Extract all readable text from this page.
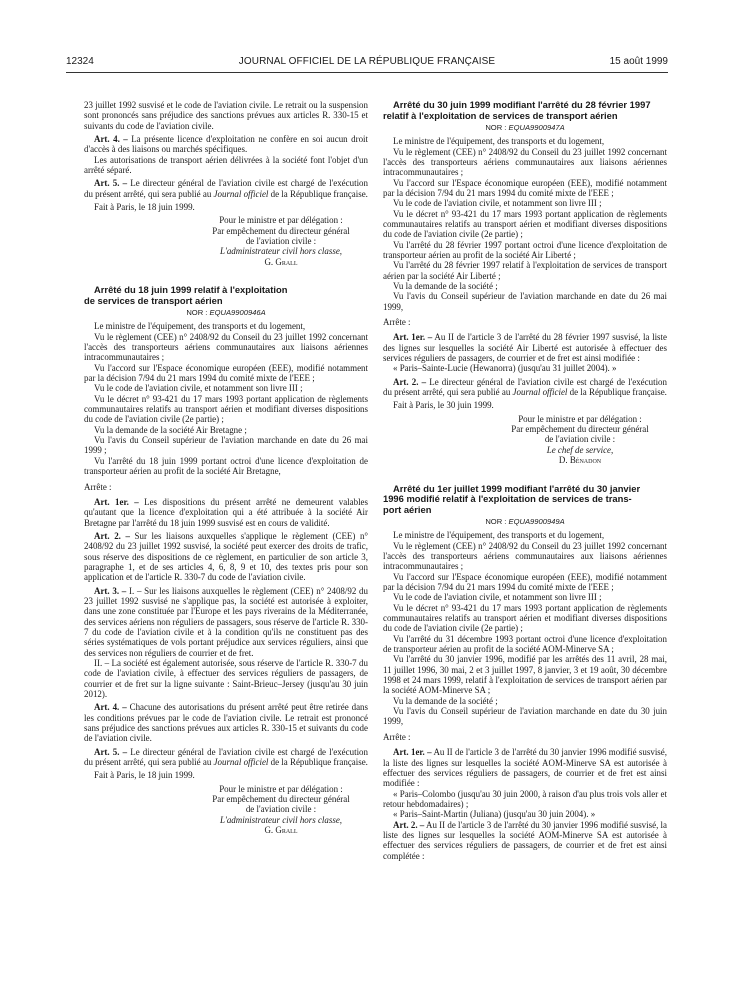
12324	JOURNAL OFFICIEL DE LA RÉPUBLIQUE FRANÇAISE	15 août 1999

23 juillet 1992 susvisé et le code de l'aviation civile. Le retrait ou la suspension sont prononcés sans préjudice des sanctions prévues aux articles R. 330-15 et suivants du code de l'aviation civile.

Art. 4. – La présente licence d'exploitation ne confère en soi aucun droit d'accès à des liaisons ou marchés spécifiques.

Les autorisations de transport aérien délivrées à la société font l'objet d'un arrêté séparé.

Art. 5. – Le directeur général de l'aviation civile est chargé de l'exécution du présent arrêté, qui sera publié au Journal officiel de la République française.

Fait à Paris, le 18 juin 1999.

Pour le ministre et par délégation :
Par empêchement du directeur général
de l'aviation civile :
L'administrateur civil hors classe,
G. Grall

Arrêté du 18 juin 1999 relatif à l'exploitation
de services de transport aérien

NOR : EQUA9900946A

Le ministre de l'équipement, des transports et du logement,

Vu le règlement (CEE) n° 2408/92 du Conseil du 23 juillet 1992 concernant l'accès des transporteurs aériens communautaires aux liaisons aériennes intracommunautaires ;

Vu l'accord sur l'Espace économique européen (EEE), modifié notamment par la décision 7/94 du 21 mars 1994 du comité mixte de l'EEE ;

Vu le code de l'aviation civile, et notamment son livre III ;

Vu le décret n° 93-421 du 17 mars 1993 portant application de règlements communautaires relatifs au transport aérien et modifiant diverses dispositions du code de l'aviation civile (2e partie) ;

Vu la demande de la société Air Bretagne ;

Vu l'avis du Conseil supérieur de l'aviation marchande en date du 26 mai 1999 ;

Vu l'arrêté du 18 juin 1999 portant octroi d'une licence d'exploitation de transporteur aérien au profit de la société Air Bretagne,

Arrête :

Art. 1er. – Les dispositions du présent arrêté ne demeurent valables qu'autant que la licence d'exploitation qui a été attribuée à la société Air Bretagne par l'arrêté du 18 juin 1999 susvisé est en cours de validité.

Art. 2. – Sur les liaisons auxquelles s'applique le règlement (CEE) n° 2408/92 du 23 juillet 1992 susvisé, la société peut exercer des droits de trafic, sous réserve des dispositions de ce règlement, en particulier de son article 3, paragraphe 1, et de ses articles 4, 6, 8, 9 et 10, des textes pris pour son application et de l'article R. 330-7 du code de l'aviation civile.

Art. 3. – I. – Sur les liaisons auxquelles le règlement (CEE) n° 2408/92 du 23 juillet 1992 susvisé ne s'applique pas, la société est autorisée à exploiter, dans une zone constituée par l'Europe et les pays riverains de la Méditerranée, des services aériens non réguliers de passagers, sous réserve de l'article R. 330-7 du code de l'aviation civile et à la condition qu'ils ne constituent pas des séries systématiques de vols portant préjudice aux services réguliers, ainsi que des services non réguliers de courrier et de fret.

II. – La société est également autorisée, sous réserve de l'article R. 330-7 du code de l'aviation civile, à effectuer des services réguliers de passagers, de courrier et de fret sur la ligne suivante : Saint-Brieuc–Jersey (jusqu'au 30 juin 2012).

Art. 4. – Chacune des autorisations du présent arrêté peut être retirée dans les conditions prévues par le code de l'aviation civile. Le retrait est prononcé sans préjudice des sanctions prévues aux articles R. 330-15 et suivants du code de l'aviation civile.

Art. 5. – Le directeur général de l'aviation civile est chargé de l'exécution du présent arrêté, qui sera publié au Journal officiel de la République française.

Fait à Paris, le 18 juin 1999.

Pour le ministre et par délégation :
Par empêchement du directeur général
de l'aviation civile :
L'administrateur civil hors classe,
G. Grall

Arrêté du 30 juin 1999 modifiant l'arrêté du 28 février 1997
relatif à l'exploitation de services de transport aérien

NOR : EQUA9900947A

Le ministre de l'équipement, des transports et du logement,

Vu le règlement (CEE) n° 2408/92 du Conseil du 23 juillet 1992 concernant l'accès des transporteurs aériens communautaires aux liaisons aériennes intracommunautaires ;

Vu l'accord sur l'Espace économique européen (EEE), modifié notamment par la décision 7/94 du 21 mars 1994 du comité mixte de l'EEE ;

Vu le code de l'aviation civile, et notamment son livre III ;

Vu le décret n° 93-421 du 17 mars 1993 portant application de règlements communautaires relatifs au transport aérien et modifiant diverses dispositions du code de l'aviation civile (2e partie) ;

Vu l'arrêté du 28 février 1997 portant octroi d'une licence d'exploitation de transporteur aérien au profit de la société Air Liberté ;

Vu l'arrêté du 28 février 1997 relatif à l'exploitation de services de transport aérien par la société Air Liberté ;

Vu la demande de la société ;

Vu l'avis du Conseil supérieur de l'aviation marchande en date du 26 mai 1999,

Arrête :

Art. 1er. – Au II de l'article 3 de l'arrêté du 28 février 1997 susvisé, la liste des lignes sur lesquelles la société Air Liberté est autorisée à effectuer des services réguliers de passagers, de courrier et de fret est ainsi modifiée :

« Paris–Sainte-Lucie (Hewanorra) (jusqu'au 31 juillet 2004). »

Art. 2. – Le directeur général de l'aviation civile est chargé de l'exécution du présent arrêté, qui sera publié au Journal officiel de la République française.

Fait à Paris, le 30 juin 1999.

Pour le ministre et par délégation :
Par empêchement du directeur général
de l'aviation civile :
Le chef de service,
D. Bénadon

Arrêté du 1er juillet 1999 modifiant l'arrêté du 30 janvier
1996 modifié relatif à l'exploitation de services de trans-
port aérien

NOR : EQUA9900949A

Le ministre de l'équipement, des transports et du logement,

Vu le règlement (CEE) n° 2408/92 du Conseil du 23 juillet 1992 concernant l'accès des transporteurs aériens communautaires aux liaisons aériennes intracommunautaires ;

Vu l'accord sur l'Espace économique européen (EEE), modifié notamment par la décision 7/94 du 21 mars 1994 du comité mixte de l'EEE ;

Vu le code de l'aviation civile, et notamment son livre III ;

Vu le décret n° 93-421 du 17 mars 1993 portant application de règlements communautaires relatifs au transport aérien et modifiant diverses dispositions du code de l'aviation civile (2e partie) ;

Vu l'arrêté du 31 décembre 1993 portant octroi d'une licence d'exploitation de transporteur aérien au profit de la société AOM-Minerve SA ;

Vu l'arrêté du 30 janvier 1996, modifié par les arrêtés des 11 avril, 28 mai, 11 juillet 1996, 30 mai, 2 et 3 juillet 1997, 8 janvier, 3 et 19 août, 30 décembre 1998 et 24 mars 1999, relatif à l'exploitation de services de transport aérien par la société AOM-Minerve SA ;

Vu la demande de la société ;

Vu l'avis du Conseil supérieur de l'aviation marchande en date du 30 juin 1999,

Arrête :

Art. 1er. – Au II de l'article 3 de l'arrêté du 30 janvier 1996 modifié susvisé, la liste des lignes sur lesquelles la société AOM-Minerve SA est autorisée à effectuer des services réguliers de passagers, de courrier et de fret est ainsi modifiée :

« Paris–Colombo (jusqu'au 30 juin 2000, à raison d'au plus trois vols aller et retour hebdomadaires) ;

« Paris–Saint-Martin (Juliana) (jusqu'au 30 juin 2004). »

Art. 2. – Au II de l'article 3 de l'arrêté du 30 janvier 1996 modifié susvisé, la liste des lignes sur lesquelles la société AOM-Minerve SA est autorisée à effectuer des services réguliers de passagers, de courrier et de fret est ainsi complétée :
